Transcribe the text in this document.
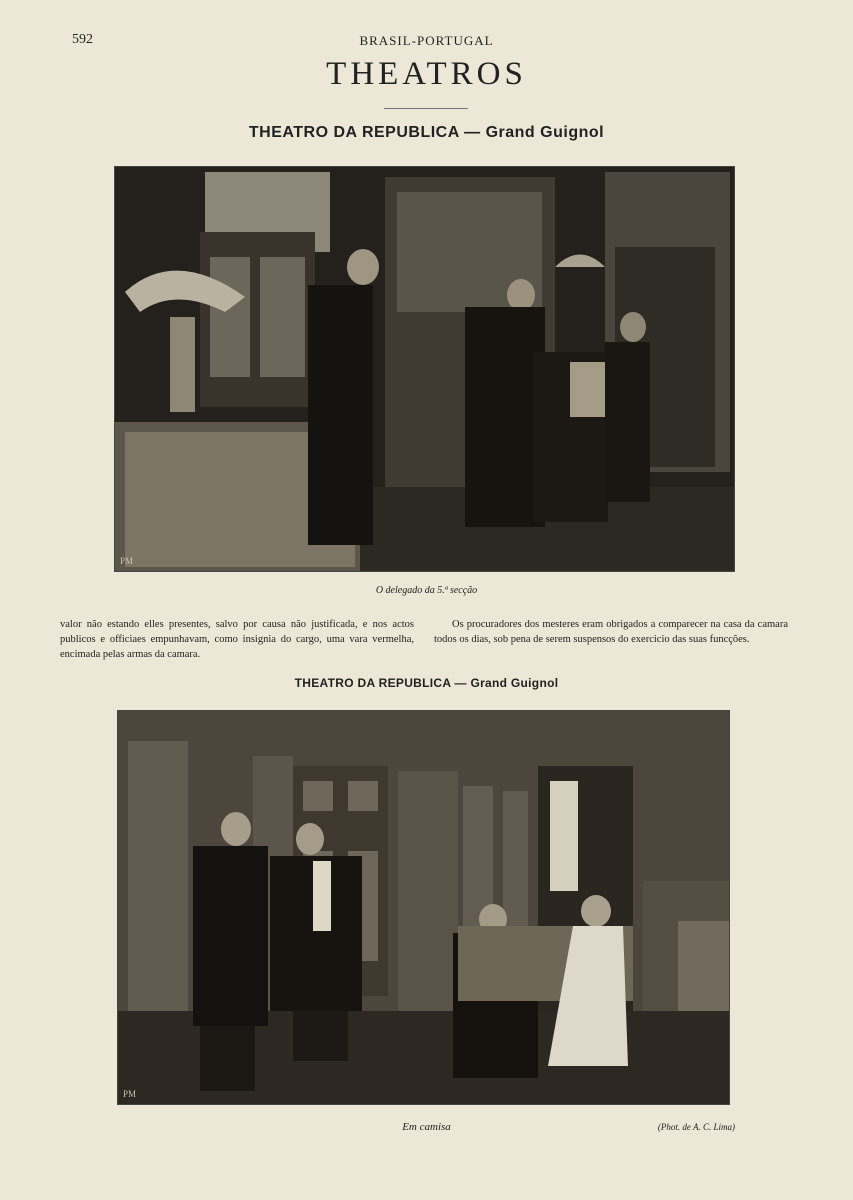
592	BRASIL-PORTUGAL
THEATROS
THEATRO DA REPUBLICA — Grand Guignol
PM
O delegado da 5.ª secção
valor não estando elles presentes, salvo por causa não justificada, e nos actos publicos e officiaes empunhavam, como insignia do cargo, uma vara vermelha, encimada pelas armas da camara.
Os procuradores dos mesteres eram obrigados a comparecer na casa da camara todos os dias, sob pena de serem suspensos do exercicio das suas funcções.
THEATRO DA REPUBLICA — Grand Guignol
PM
Em camisa	(Phot. de A. C. Lima)
